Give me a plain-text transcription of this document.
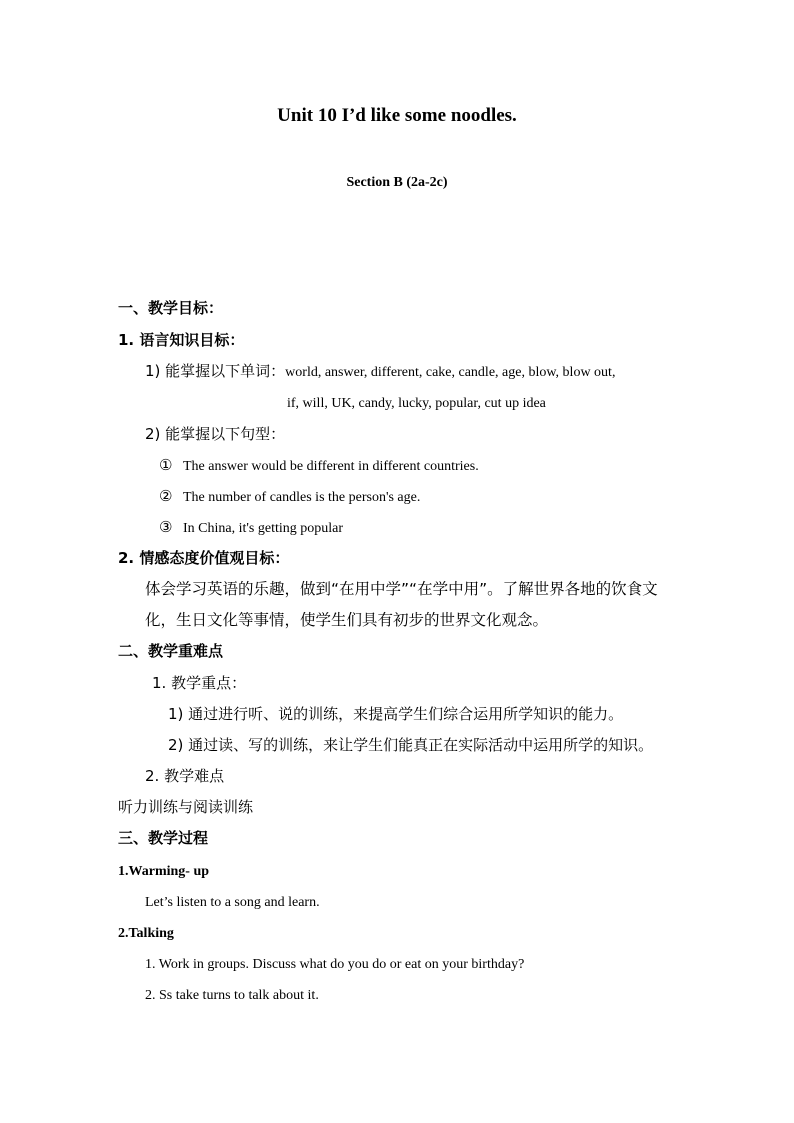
Unit 10 I’d like some noodles.
Section B (2a-2c)
一、教学目标：
1. 语言知识目标：
1) 能掌握以下单词：world, answer, different, cake, candle, age, blow, blow out,
if, will, UK, candy, lucky, popular, cut up idea
2) 能掌握以下句型：
① The answer would be different in different countries.
② The number of candles is the person's age.
③ In China, it's getting popular
2. 情感态度价值观目标：
体会学习英语的乐趣，做到“在用中学”“在学中用”。了解世界各地的饮食文
化，生日文化等事情，使学生们具有初步的世界文化观念。
二、教学重难点
1. 教学重点：
1) 通过进行听、说的训练，来提高学生们综合运用所学知识的能力。
2) 通过读、写的训练，来让学生们能真正在实际活动中运用所学的知识。
2. 教学难点
听力训练与阅读训练
三、教学过程
1.Warming- up
Let’s listen to a song and learn.
2.Talking
1. Work in groups. Discuss what do you do or eat on your birthday?
2. Ss take turns to talk about it.
